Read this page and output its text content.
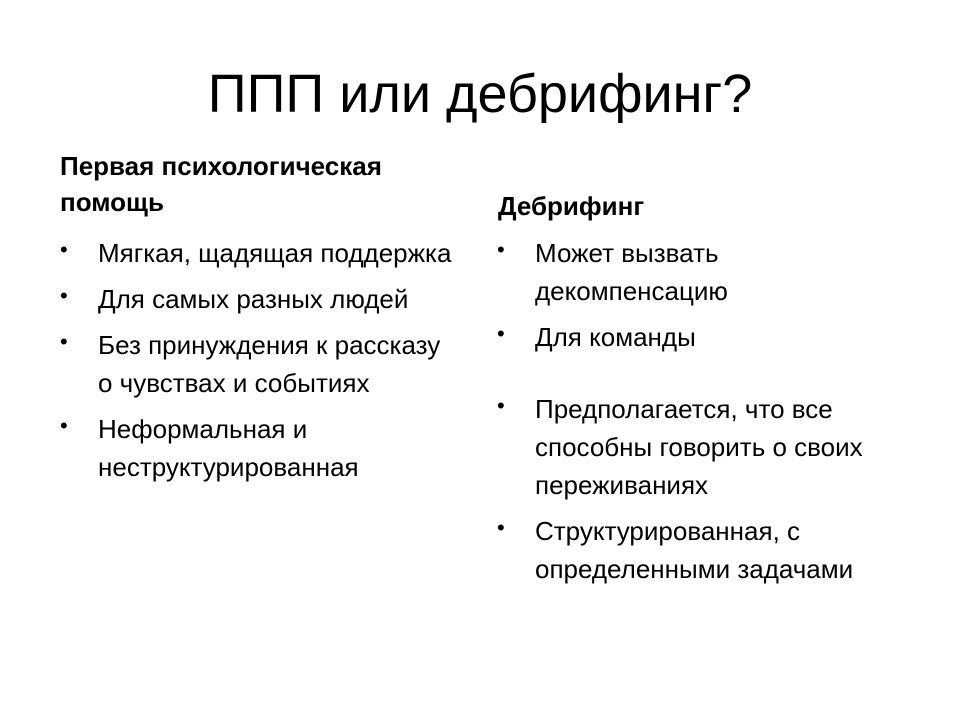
ППП или дебрифинг?
Первая психологическая помощь
• Мягкая, щадящая поддержка
• Для самых разных людей
• Без принуждения к рассказу о чувствах и событиях
• Неформальная и неструктурированная
Дебрифинг
• Может вызвать декомпенсацию
• Для команды
• Предполагается, что все способны говорить о своих переживаниях
• Структурированная, с определенными задачами
